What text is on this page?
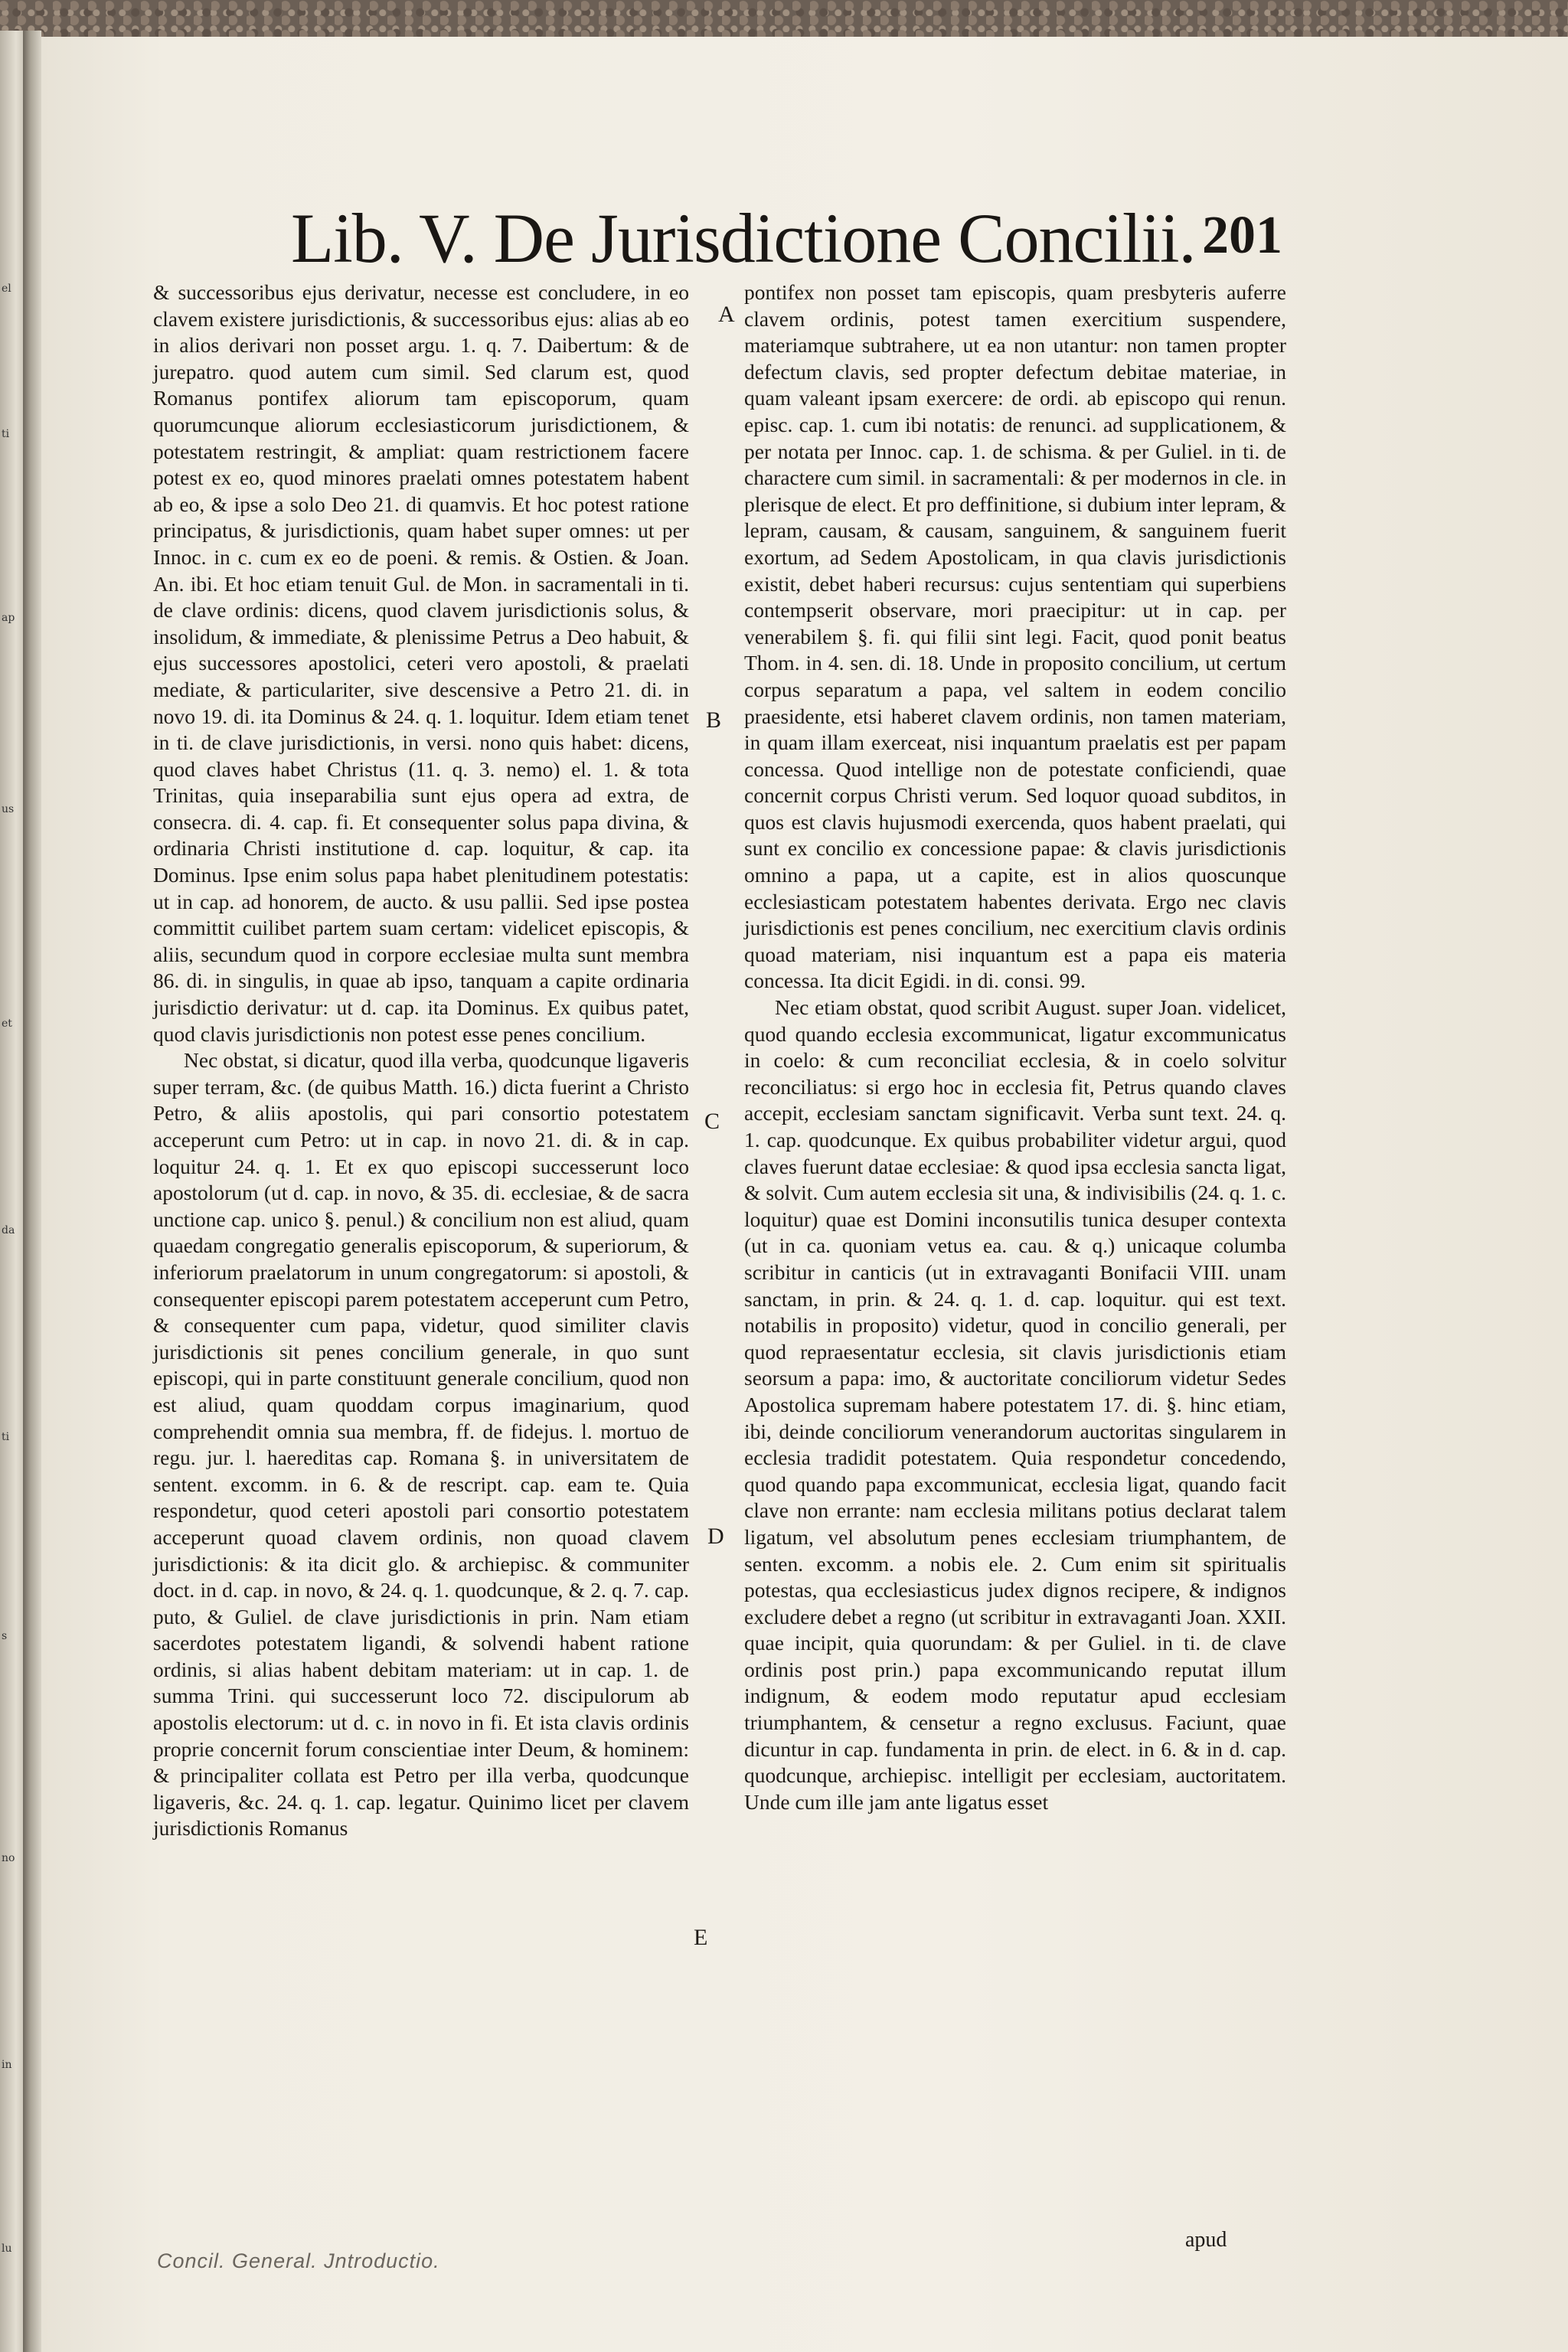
el
ti
ap
us
et
da
ti
s
no
in
lu
Lib. V. De Jurisdictione Concilii. 201

& successoribus ejus derivatur, necesse est concludere, in eo clavem existere jurisdictionis, & successoribus ejus: alias ab eo in alios derivari non posset argu. 1. q. 7. Daibertum: & de jurepatro. quod autem cum simil. Sed clarum est, quod Romanus pontifex aliorum tam episcoporum, quam quorumcunque aliorum ecclesiasticorum jurisdictionem, & potestatem restringit, & ampliat: quam restrictionem facere potest ex eo, quod minores praelati omnes potestatem habent ab eo, & ipse a solo Deo 21. di quamvis. Et hoc potest ratione principatus, & jurisdictionis, quam habet super omnes: ut per Innoc. in c. cum ex eo de poeni. & remis. & Ostien. & Joan. An. ibi. Et hoc etiam tenuit Gul. de Mon. in sacramentali in ti. de clave ordinis: dicens, quod clavem jurisdictionis solus, & insolidum, & immediate, & plenissime Petrus a Deo habuit, & ejus successores apostolici, ceteri vero apostoli, & praelati mediate, & particulariter, sive descensive a Petro 21. di. in novo 19. di. ita Dominus & 24. q. 1. loquitur. Idem etiam tenet in ti. de clave jurisdictionis, in versi. nono quis habet: dicens, quod claves habet Christus (11. q. 3. nemo) el. 1. & tota Trinitas, quia inseparabilia sunt ejus opera ad extra, de consecra. di. 4. cap. fi. Et consequenter solus papa divina, & ordinaria Christi institutione d. cap. loquitur, & cap. ita Dominus. Ipse enim solus papa habet plenitudinem potestatis: ut in cap. ad honorem, de aucto. & usu pallii. Sed ipse postea committit cuilibet partem suam certam: videlicet episcopis, & aliis, secundum quod in corpore ecclesiae multa sunt membra 86. di. in singulis, in quae ab ipso, tanquam a capite ordinaria jurisdictio derivatur: ut d. cap. ita Dominus. Ex quibus patet, quod clavis jurisdictionis non potest esse penes concilium.

Nec obstat, si dicatur, quod illa verba, quodcunque ligaveris super terram, &c. (de quibus Matth. 16.) dicta fuerint a Christo Petro, & aliis apostolis, qui pari consortio potestatem acceperunt cum Petro: ut in cap. in novo 21. di. & in cap. loquitur 24. q. 1. Et ex quo episcopi successerunt loco apostolorum (ut d. cap. in novo, & 35. di. ecclesiae, & de sacra unctione cap. unico §. penul.) & concilium non est aliud, quam quaedam congregatio generalis episcoporum, & superiorum, & inferiorum praelatorum in unum congregatorum: si apostoli, & consequenter episcopi parem potestatem acceperunt cum Petro, & consequenter cum papa, videtur, quod similiter clavis jurisdictionis sit penes concilium generale, in quo sunt episcopi, qui in parte constituunt generale concilium, quod non est aliud, quam quoddam corpus imaginarium, quod comprehendit omnia sua membra, ff. de fidejus. l. mortuo de regu. jur. l. haereditas cap. Romana §. in universitatem de sentent. excomm. in 6. & de rescript. cap. eam te. Quia respondetur, quod ceteri apostoli pari consortio potestatem acceperunt quoad clavem ordinis, non quoad clavem jurisdictionis: & ita dicit glo. & archiepisc. & communiter doct. in d. cap. in novo, & 24. q. 1. quodcunque, & 2. q. 7. cap. puto, & Guliel. de clave jurisdictionis in prin. Nam etiam sacerdotes potestatem ligandi, & solvendi habent ratione ordinis, si alias habent debitam materiam: ut in cap. 1. de summa Trini. qui successerunt loco 72. discipulorum ab apostolis electorum: ut d. c. in novo in fi. Et ista clavis ordinis proprie concernit forum conscientiae inter Deum, & hominem: & principaliter collata est Petro per illa verba, quodcunque ligaveris, &c. 24. q. 1. cap. legatur. Quinimo licet per clavem jurisdictionis Romanus

pontifex non posset tam episcopis, quam presbyteris auferre clavem ordinis, potest tamen exercitium suspendere, materiamque subtrahere, ut ea non utantur: non tamen propter defectum clavis, sed propter defectum debitae materiae, in quam valeant ipsam exercere: de ordi. ab episcopo qui renun. episc. cap. 1. cum ibi notatis: de renunci. ad supplicationem, & per notata per Innoc. cap. 1. de schisma. & per Guliel. in ti. de charactere cum simil. in sacramentali: & per modernos in cle. in plerisque de elect. Et pro deffinitione, si dubium inter lepram, & lepram, causam, & causam, sanguinem, & sanguinem fuerit exortum, ad Sedem Apostolicam, in qua clavis jurisdictionis existit, debet haberi recursus: cujus sententiam qui superbiens contempserit observare, mori praecipitur: ut in cap. per venerabilem §. fi. qui filii sint legi. Facit, quod ponit beatus Thom. in 4. sen. di. 18. Unde in proposito concilium, ut certum corpus separatum a papa, vel saltem in eodem concilio praesidente, etsi haberet clavem ordinis, non tamen materiam, in quam illam exerceat, nisi inquantum praelatis est per papam concessa. Quod intellige non de potestate conficiendi, quae concernit corpus Christi verum. Sed loquor quoad subditos, in quos est clavis hujusmodi exercenda, quos habent praelati, qui sunt ex concilio ex concessione papae: & clavis jurisdictionis omnino a papa, ut a capite, est in alios quoscunque ecclesiasticam potestatem habentes derivata. Ergo nec clavis jurisdictionis est penes concilium, nec exercitium clavis ordinis quoad materiam, nisi inquantum est a papa eis materia concessa. Ita dicit Egidi. in di. consi. 99.

Nec etiam obstat, quod scribit August. super Joan. videlicet, quod quando ecclesia excommunicat, ligatur excommunicatus in coelo: & cum reconciliat ecclesia, & in coelo solvitur reconciliatus: si ergo hoc in ecclesia fit, Petrus quando claves accepit, ecclesiam sanctam significavit. Verba sunt text. 24. q. 1. cap. quodcunque. Ex quibus probabiliter videtur argui, quod claves fuerunt datae ecclesiae: & quod ipsa ecclesia sancta ligat, & solvit. Cum autem ecclesia sit una, & indivisibilis (24. q. 1. c. loquitur) quae est Domini inconsutilis tunica desuper contexta (ut in ca. quoniam vetus ea. cau. & q.) unicaque columba scribitur in canticis (ut in extravaganti Bonifacii VIII. unam sanctam, in prin. & 24. q. 1. d. cap. loquitur. qui est text. notabilis in proposito) videtur, quod in concilio generali, per quod repraesentatur ecclesia, sit clavis jurisdictionis etiam seorsum a papa: imo, & auctoritate conciliorum videtur Sedes Apostolica supremam habere potestatem 17. di. §. hinc etiam, ibi, deinde conciliorum venerandorum auctoritas singularem in ecclesia tradidit potestatem. Quia respondetur concedendo, quod quando papa excommunicat, ecclesia ligat, quando facit clave non errante: nam ecclesia militans potius declarat talem ligatum, vel absolutum penes ecclesiam triumphantem, de senten. excomm. a nobis ele. 2. Cum enim sit spiritualis potestas, qua ecclesiasticus judex dignos recipere, & indignos excludere debet a regno (ut scribitur in extravaganti Joan. XXII. quae incipit, quia quorundam: & per Guliel. in ti. de clave ordinis post prin.) papa excommunicando reputat illum indignum, & eodem modo reputatur apud ecclesiam triumphantem, & censetur a regno exclusus. Faciunt, quae dicuntur in cap. fundamenta in prin. de elect. in 6. & in d. cap. quodcunque, archiepisc. intelligit per ecclesiam, auctoritatem. Unde cum ille jam ante ligatus esset

A
B
C
D
E
apud
Concil. General. Jntroductio.
